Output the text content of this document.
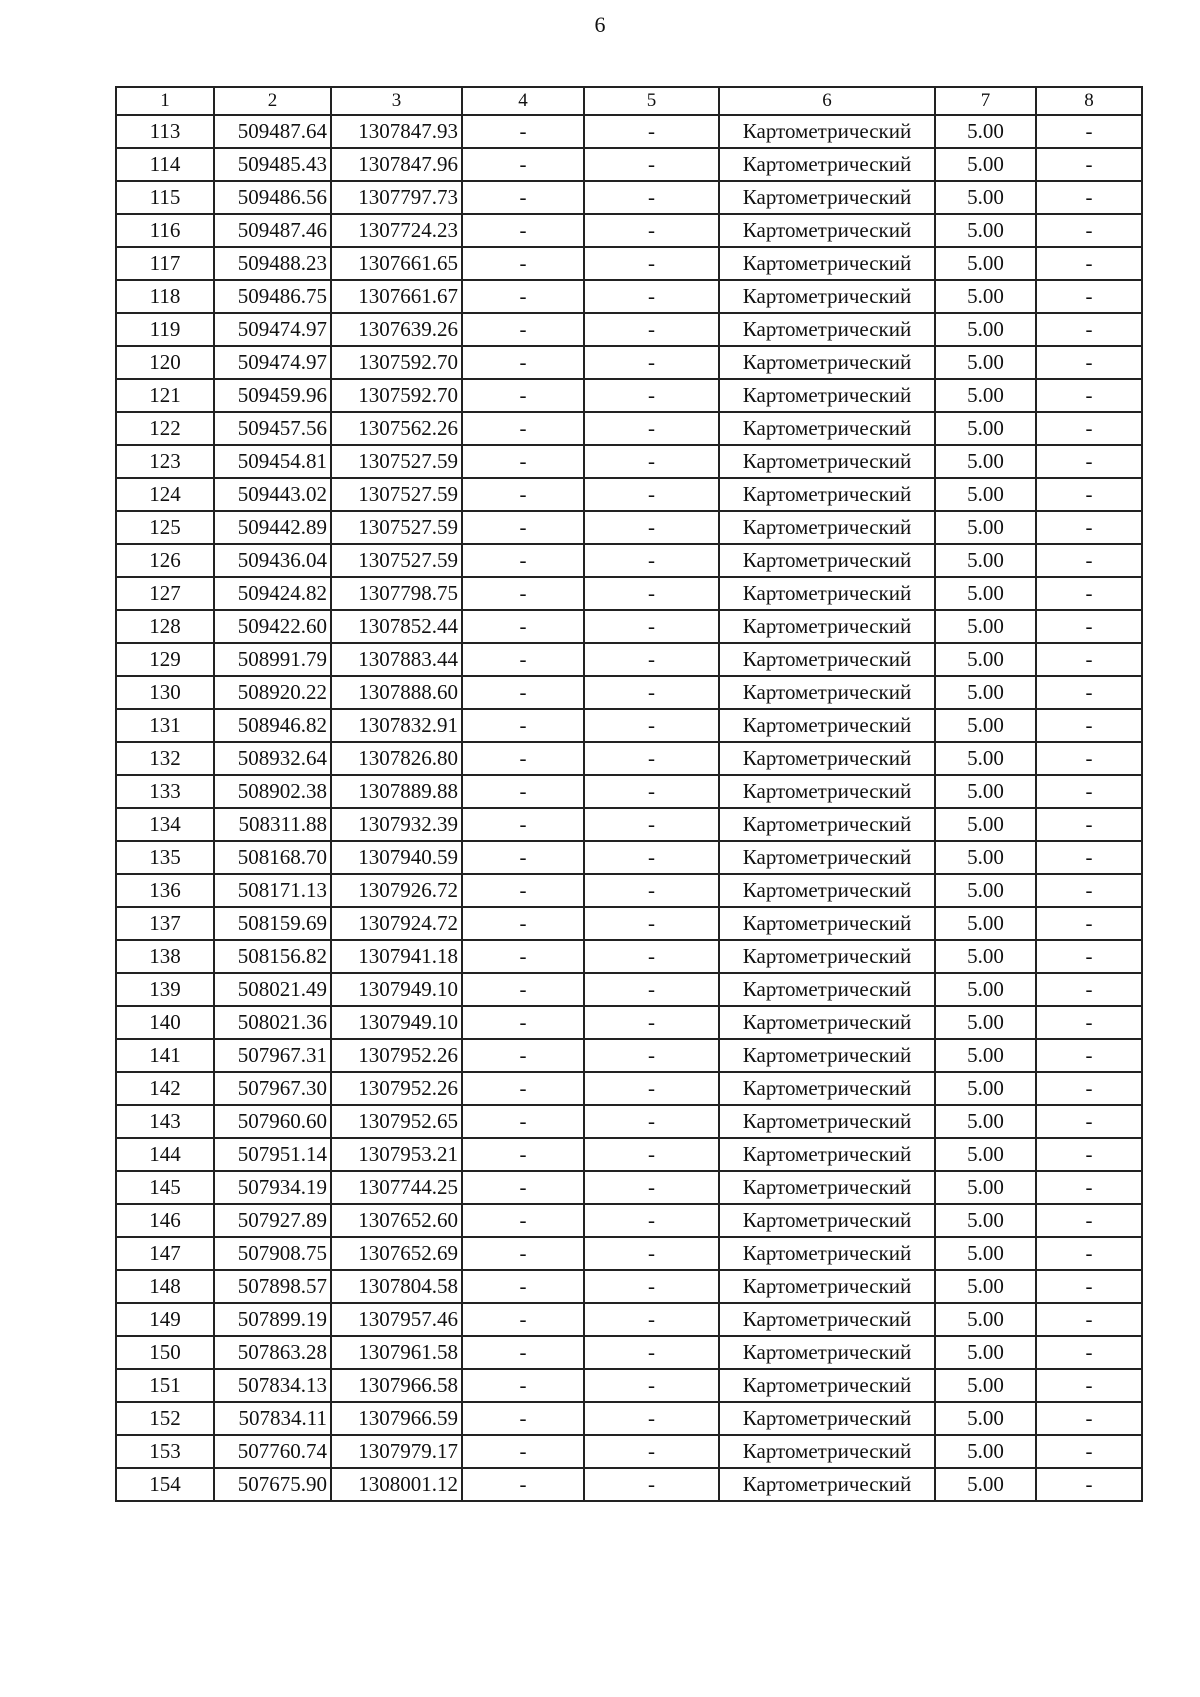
6
1	2	3	4	5	6	7	8
113	509487.64	1307847.93	-	-	Картометрический	5.00	-
114	509485.43	1307847.96	-	-	Картометрический	5.00	-
115	509486.56	1307797.73	-	-	Картометрический	5.00	-
116	509487.46	1307724.23	-	-	Картометрический	5.00	-
117	509488.23	1307661.65	-	-	Картометрический	5.00	-
118	509486.75	1307661.67	-	-	Картометрический	5.00	-
119	509474.97	1307639.26	-	-	Картометрический	5.00	-
120	509474.97	1307592.70	-	-	Картометрический	5.00	-
121	509459.96	1307592.70	-	-	Картометрический	5.00	-
122	509457.56	1307562.26	-	-	Картометрический	5.00	-
123	509454.81	1307527.59	-	-	Картометрический	5.00	-
124	509443.02	1307527.59	-	-	Картометрический	5.00	-
125	509442.89	1307527.59	-	-	Картометрический	5.00	-
126	509436.04	1307527.59	-	-	Картометрический	5.00	-
127	509424.82	1307798.75	-	-	Картометрический	5.00	-
128	509422.60	1307852.44	-	-	Картометрический	5.00	-
129	508991.79	1307883.44	-	-	Картометрический	5.00	-
130	508920.22	1307888.60	-	-	Картометрический	5.00	-
131	508946.82	1307832.91	-	-	Картометрический	5.00	-
132	508932.64	1307826.80	-	-	Картометрический	5.00	-
133	508902.38	1307889.88	-	-	Картометрический	5.00	-
134	508311.88	1307932.39	-	-	Картометрический	5.00	-
135	508168.70	1307940.59	-	-	Картометрический	5.00	-
136	508171.13	1307926.72	-	-	Картометрический	5.00	-
137	508159.69	1307924.72	-	-	Картометрический	5.00	-
138	508156.82	1307941.18	-	-	Картометрический	5.00	-
139	508021.49	1307949.10	-	-	Картометрический	5.00	-
140	508021.36	1307949.10	-	-	Картометрический	5.00	-
141	507967.31	1307952.26	-	-	Картометрический	5.00	-
142	507967.30	1307952.26	-	-	Картометрический	5.00	-
143	507960.60	1307952.65	-	-	Картометрический	5.00	-
144	507951.14	1307953.21	-	-	Картометрический	5.00	-
145	507934.19	1307744.25	-	-	Картометрический	5.00	-
146	507927.89	1307652.60	-	-	Картометрический	5.00	-
147	507908.75	1307652.69	-	-	Картометрический	5.00	-
148	507898.57	1307804.58	-	-	Картометрический	5.00	-
149	507899.19	1307957.46	-	-	Картометрический	5.00	-
150	507863.28	1307961.58	-	-	Картометрический	5.00	-
151	507834.13	1307966.58	-	-	Картометрический	5.00	-
152	507834.11	1307966.59	-	-	Картометрический	5.00	-
153	507760.74	1307979.17	-	-	Картометрический	5.00	-
154	507675.90	1308001.12	-	-	Картометрический	5.00	-
